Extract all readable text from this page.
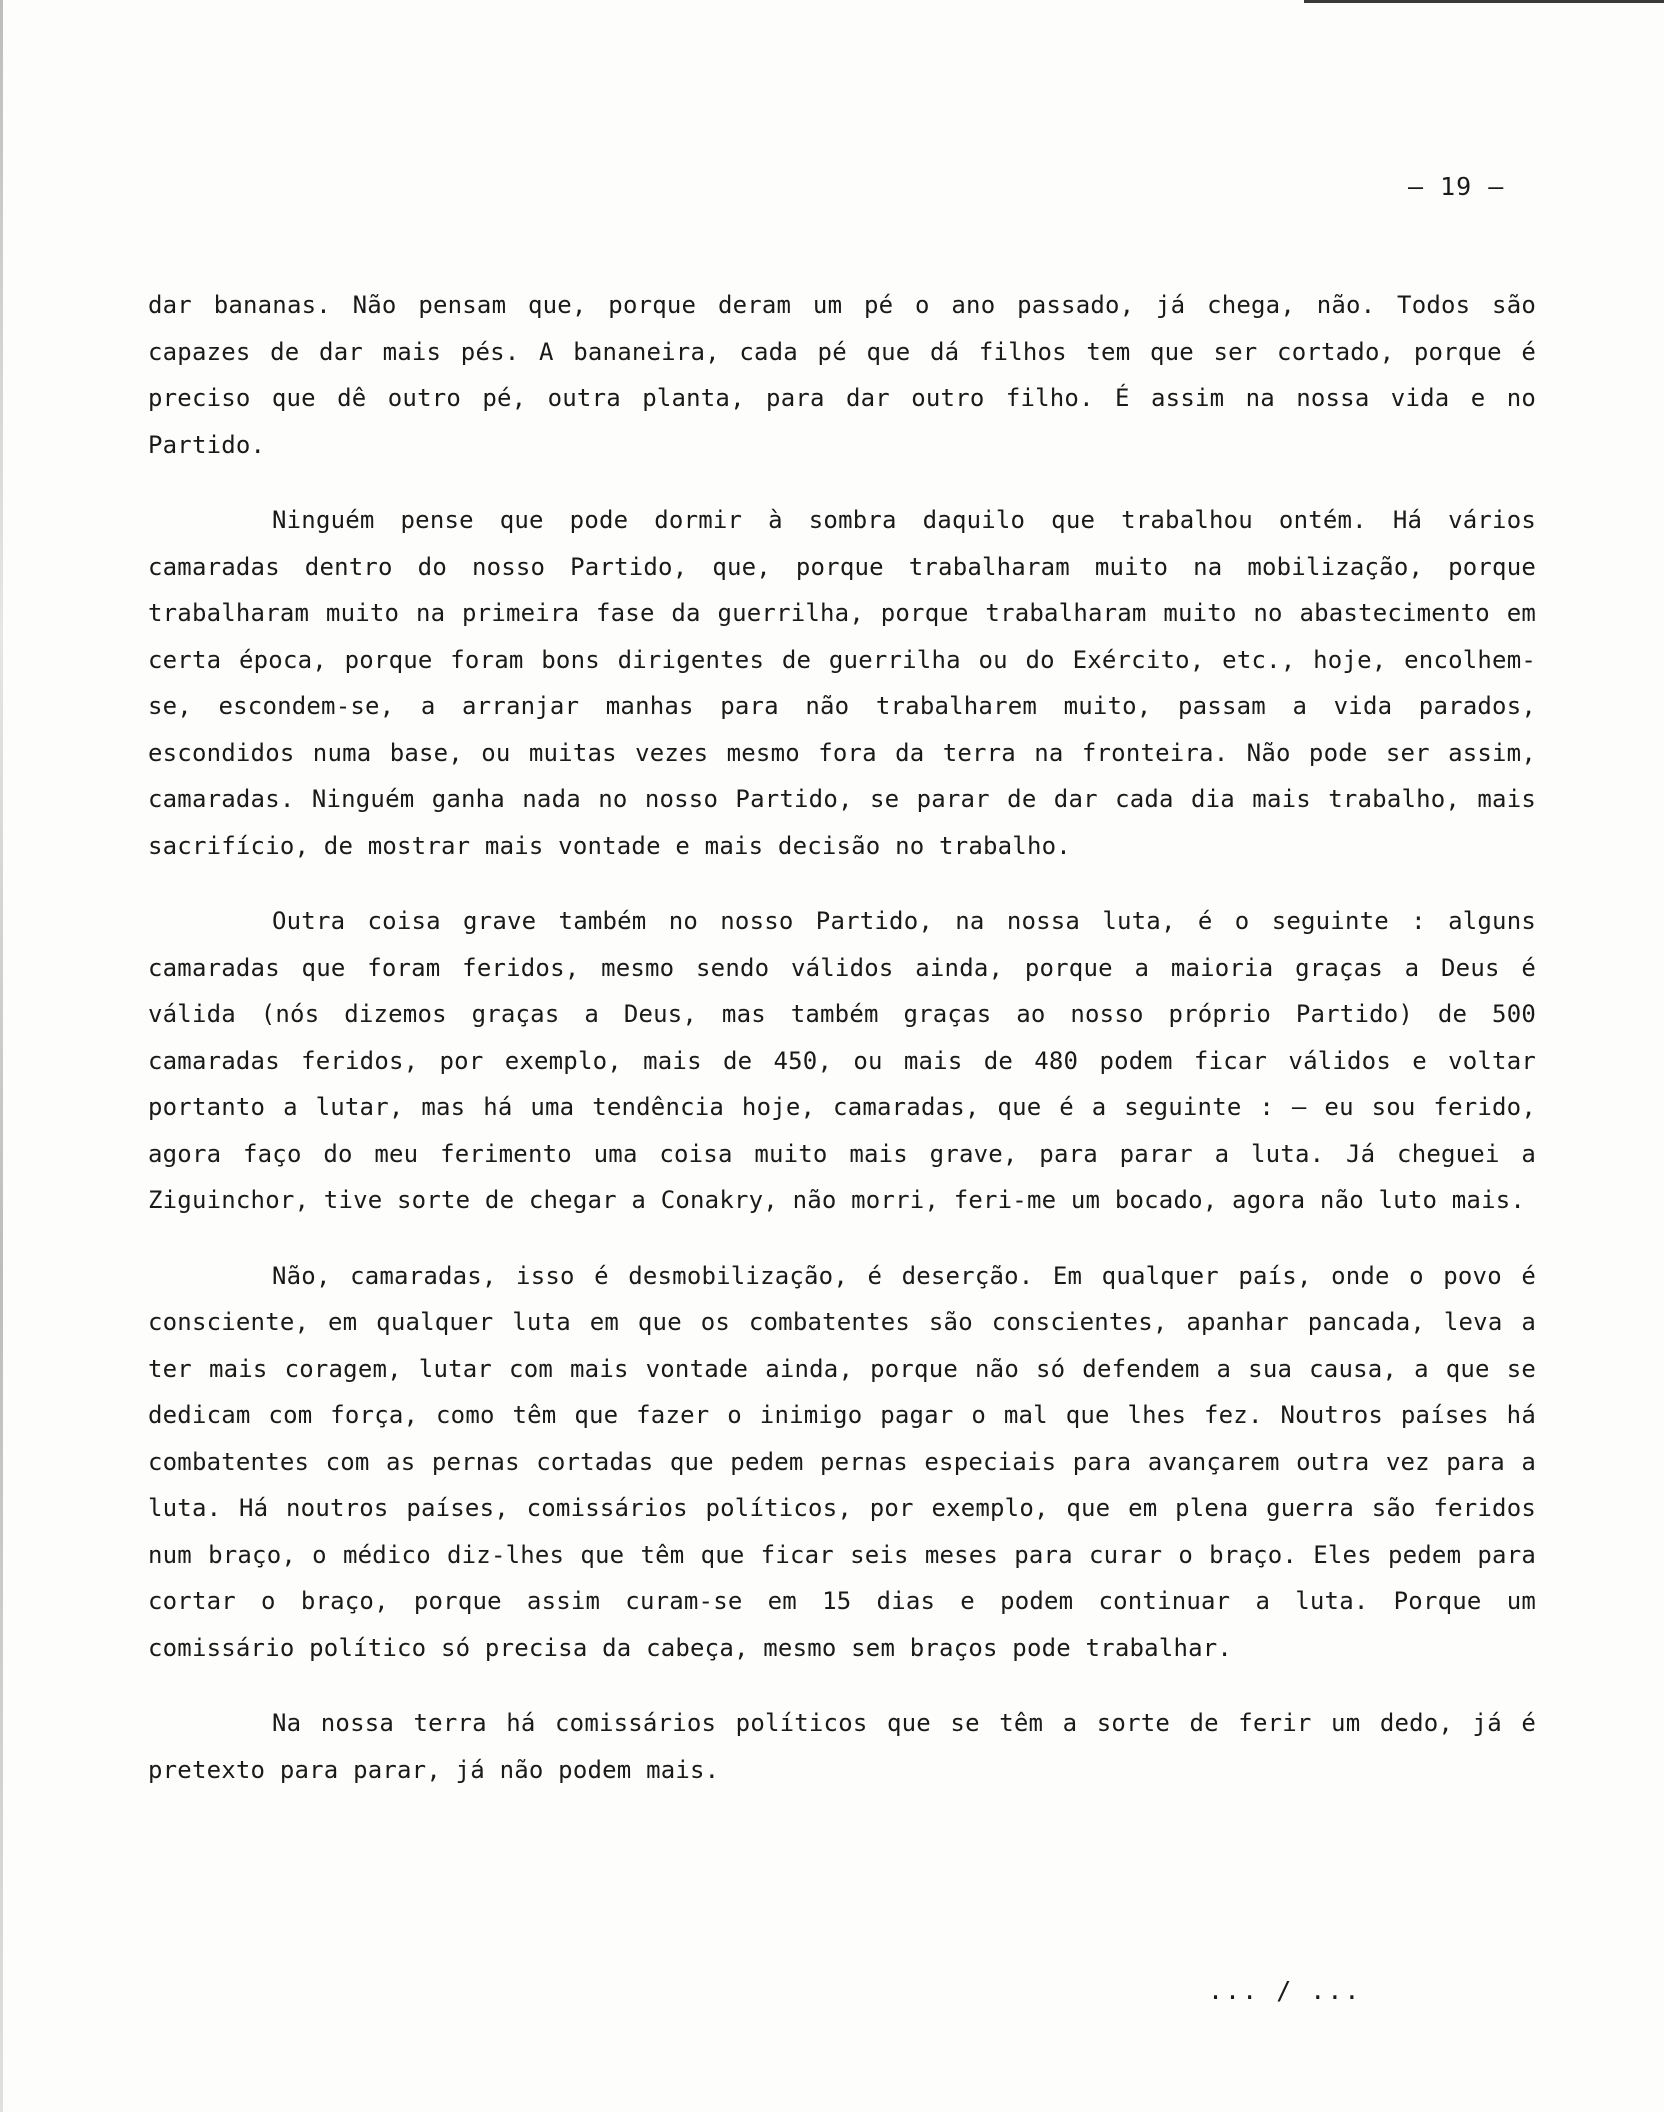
– 19 –

dar bananas. Não pensam que, porque deram um pé o ano passado, já chega, não. Todos são capazes de dar mais pés. A bananeira, cada pé que dá filhos tem que ser cortado, porque é preciso que dê outro pé, outra planta, para dar outro filho. É assim na nossa vida e no Partido.

Ninguém pense que pode dormir à sombra daquilo que trabalhou ontém. Há vários camaradas dentro do nosso Partido, que, porque trabalharam muito na mobilização, porque trabalharam muito na primeira fase da guerrilha, porque trabalharam muito no abastecimento em certa época, porque foram bons dirigentes de guerrilha ou do Exército, etc., hoje, encolhem-se, escondem-se, a arranjar manhas para não trabalharem muito, passam a vida parados, escondidos numa base, ou muitas vezes mesmo fora da terra na fronteira. Não pode ser assim, camaradas. Ninguém ganha nada no nosso Partido, se parar de dar cada dia mais trabalho, mais sacrifício, de mostrar mais vontade e mais decisão no trabalho.

Outra coisa grave também no nosso Partido, na nossa luta, é o seguinte : alguns camaradas que foram feridos, mesmo sendo válidos ainda, porque a maioria graças a Deus é válida (nós dizemos graças a Deus, mas também graças ao nosso próprio Partido) de 500 camaradas feridos, por exemplo, mais de 450, ou mais de 480 podem ficar válidos e voltar portanto a lutar, mas há uma tendência hoje, camaradas, que é a seguinte : – eu sou ferido, agora faço do meu ferimento uma coisa muito mais grave, para parar a luta. Já cheguei a Ziguinchor, tive sorte de chegar a Conakry, não morri, feri-me um bocado, agora não luto mais.

Não, camaradas, isso é desmobilização, é deserção. Em qualquer país, onde o povo é consciente, em qualquer luta em que os combatentes são conscientes, apanhar pancada, leva a ter mais coragem, lutar com mais vontade ainda, porque não só defendem a sua causa, a que se dedicam com força, como têm que fazer o inimigo pagar o mal que lhes fez. Noutros países há combatentes com as pernas cortadas que pedem pernas especiais para avançarem outra vez para a luta. Há noutros países, comissários políticos, por exemplo, que em plena guerra são feridos num braço, o médico diz-lhes que têm que ficar seis meses para curar o braço. Eles pedem para cortar o braço, porque assim curam-se em 15 dias e podem continuar a luta. Porque um comissário político só precisa da cabeça, mesmo sem braços pode trabalhar.

Na nossa terra há comissários políticos que se têm a sorte de ferir um dedo, já é pretexto para parar, já não podem mais.

... / ...
